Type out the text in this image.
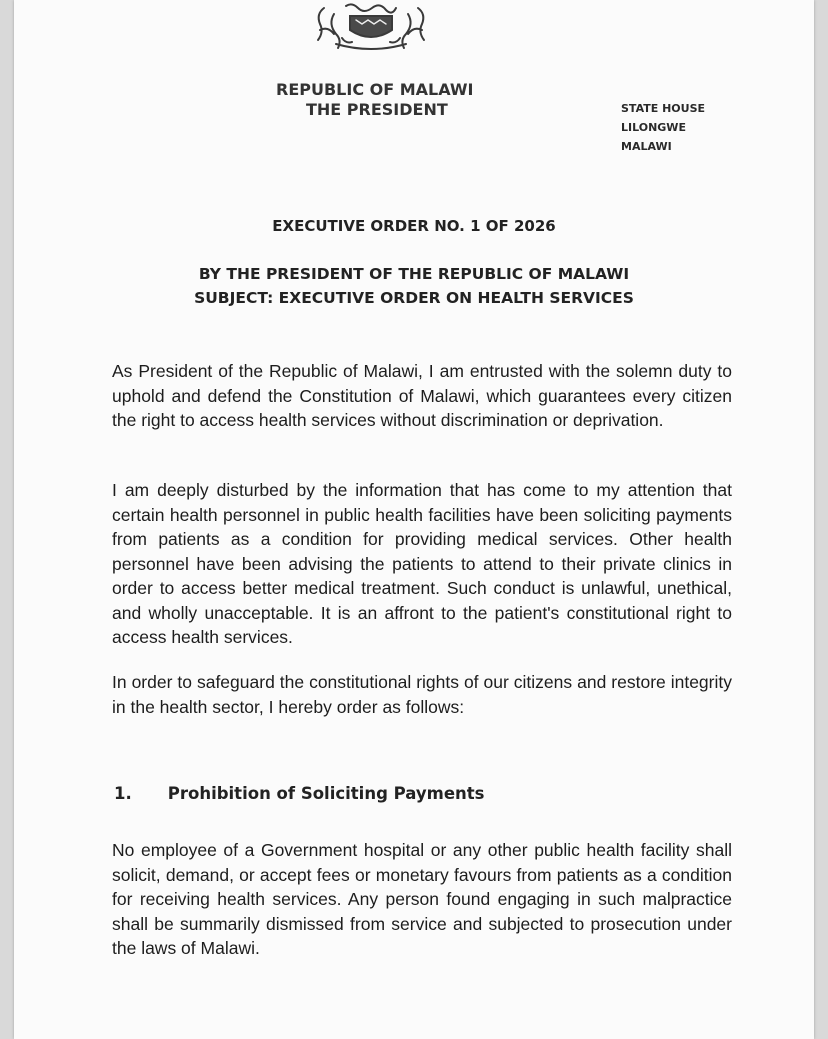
REPUBLIC OF MALAWI
THE PRESIDENT	STATE HOUSE
LILONGWE
MALAWI
EXECUTIVE ORDER NO. 1 OF 2026
BY THE PRESIDENT OF THE REPUBLIC OF MALAWI
SUBJECT: EXECUTIVE ORDER ON HEALTH SERVICES
As President of the Republic of Malawi, I am entrusted with the solemn duty to uphold and defend the Constitution of Malawi, which guarantees every citizen the right to access health services without discrimination or deprivation.
I am deeply disturbed by the information that has come to my attention that certain health personnel in public health facilities have been soliciting payments from patients as a condition for providing medical services. Other health personnel have been advising the patients to attend to their private clinics in order to access better medical treatment. Such conduct is unlawful, unethical, and wholly unacceptable. It is an affront to the patient's constitutional right to access health services.
In order to safeguard the constitutional rights of our citizens and restore integrity in the health sector, I hereby order as follows:
1. Prohibition of Soliciting Payments
No employee of a Government hospital or any other public health facility shall solicit, demand, or accept fees or monetary favours from patients as a condition for receiving health services. Any person found engaging in such malpractice shall be summarily dismissed from service and subjected to prosecution under the laws of Malawi.
